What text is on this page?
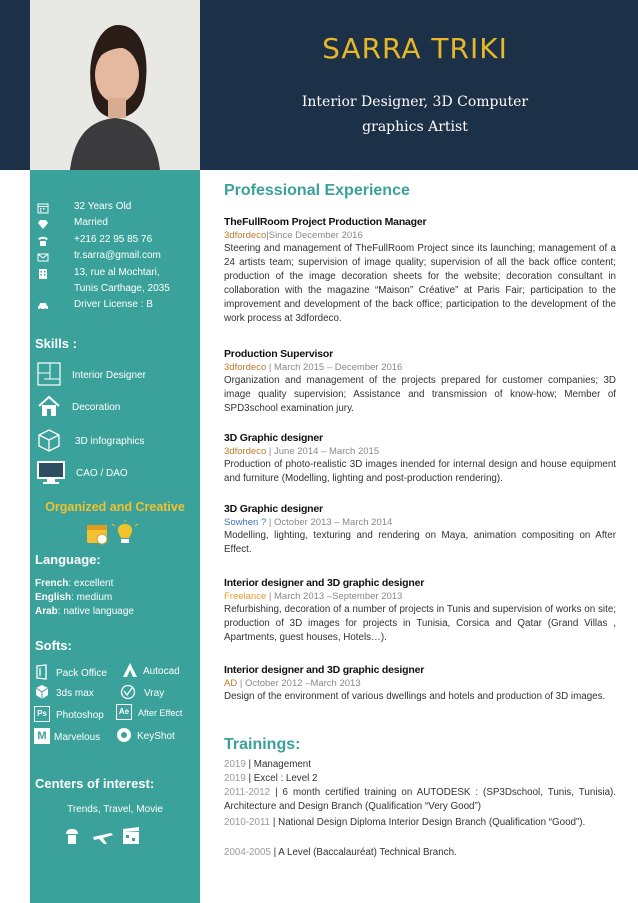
SARRA TRIKI
Interior Designer, 3D Computer
graphics Artist
32 Years Old
Married
+216 22 95 85 76
tr.sarra@gmail.com
13, rue al Mochtari,
Tunis Carthage, 2035
Driver License : B
Skills :
Interior Designer
Decoration
3D infographics
CAO / DAO
Organized and Creative
Language:
French: excellent
English: medium
Arab: native language
Softs:
Pack Office	Autocad
3ds max	Vray
Ps Photoshop	Ae After Effect
M Marvelous	KeyShot
Centers of interest:
Trends, Travel, Movie
Professional Experience
TheFullRoom Project Production Manager
3dfordeco|Since December 2016
Steering and management of TheFullRoom Project since its launching; management of a 24 artists team; supervision of image quality; supervision of all the back office content; production of the image decoration sheets for the website; decoration consultant in collaboration with the magazine “Maison” Créative” at Paris Fair; participation to the improvement and development of the back office; participation to the development of the work process at 3dfordeco.
Production Supervisor
3dfordeco | March 2015 – December 2016
Organization and management of the projects prepared for customer companies; 3D image quality supervision; Assistance and transmission of know-how; Member of SPD3school examination jury.
3D Graphic designer
3dfordeco | June 2014 – March 2015
Production of photo-realistic 3D images inended for internal design and house equipment and furniture (Modelling, lighting and post-production rendering).
3D Graphic designer
Sowhen ? | October 2013 – March 2014
Modelling, lighting, texturing and rendering on Maya, animation compositing on After Effect.
Interior designer and 3D graphic designer
Freelance | March 2013 –September 2013
Refurbishing, decoration of a number of projects in Tunis and supervision of works on site; production of 3D images for projects in Tunisia, Corsica and Qatar (Grand Villas , Apartments, guest houses, Hotels…).
Interior designer and 3D graphic designer
AD | October 2012 –March 2013
Design of the environment of various dwellings and hotels and production of 3D images.
Trainings:
2019 | Management
2019 | Excel : Level 2
2011-2012 | 6 month certified training on AUTODESK : (SP3Dschool, Tunis, Tunisia). Architecture and Design Branch (Qualification “Very Good”)
2010-2011 | National Design Diploma Interior Design Branch (Qualification “Good”).
2004-2005 | A Level (Baccalauréat) Technical Branch.
